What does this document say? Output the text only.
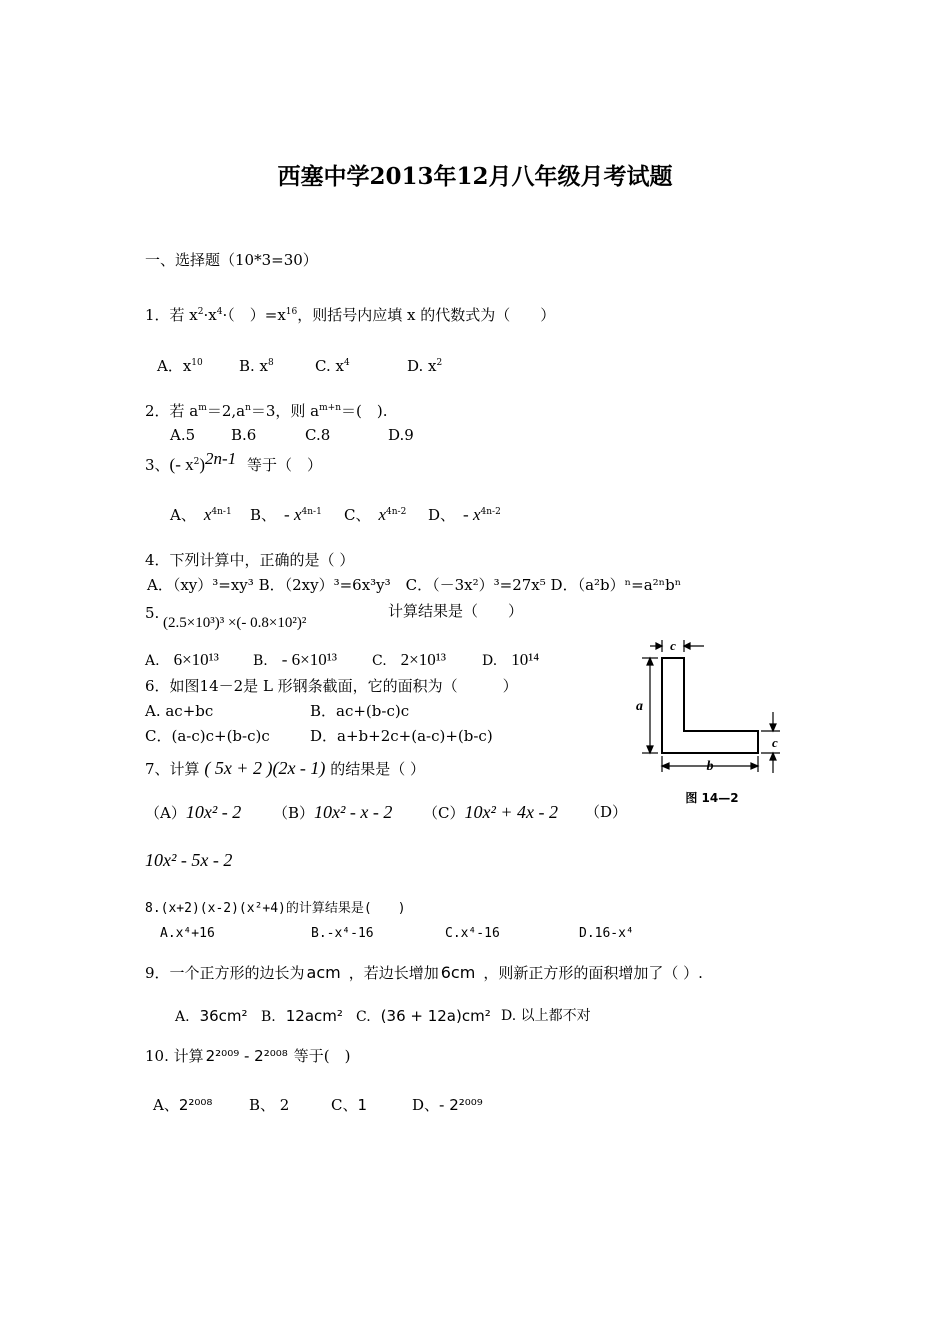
西塞中学2013年12月八年级月考试题
一、选择题（10*3=30）
1．若 $x^2\cdot x^4\cdot$（　）$=x^{16}$，则括号内应填 x 的代数式为（　　）
A．$x^{10}$ B. $x^8$	C. $x^4$	D. $x^2$
2．若 $a^m=2,a^n=3$，则 $a^{m+n}=$(　).
A.5 B.6	C.8	D.9
3、(- $x^2)^{2n-1}$ 等于（　）
A、 $x^{4n-1}$ B、 - $x^{4n-1}$ C、 $x^{4n-2}$ D、 - $x^{4n-2}$
4．下列计算中，正确的是（ ）
A．（xy）³=xy³ B．（2xy）³=6x³y³　C．（－3x²）³=27x⁵ D．（a²b）ⁿ=a²ⁿbⁿ
5.
(2.5×10³)³ ×(- 0.8×10²)²
计算结果是（　　）
A. 6×10¹³ B. - 6×10¹³	C. 2×10¹³	D. 10¹⁴
6．如图14－2是 L 形钢条截面，它的面积为（　　　）
A. ac+bc	B．ac+(b-c)c
C．(a-c)c+(b-c)c	D．a+b+2c+(a-c)+(b-c)
c
a
b
c
图 14—2
7、计算 ( 5x + 2 )(2x - 1) 的结果是（ ）
（A）10x² - 2 （B）10x² - x - 2 （C）10x² + 4x - 2 （D）
10x² - 5x - 2
8.(x+2)(x-2)(x²+4)的计算结果是(　　)
A.x⁴+16	B.-x⁴-16	C.x⁴-16	D.16-x⁴
9．一个正方形的边长为 acm ，若边长增加 6cm ，则新正方形的面积增加了（ ）.
A. 36cm² B. 12acm² C. (36 + 12a)cm² D. 以上都不对
10. 计算 2²⁰⁰⁹ - 2²⁰⁰⁸ 等于(　)
A、2²⁰⁰⁸ B、 2	C、1	D、- 2²⁰⁰⁹
